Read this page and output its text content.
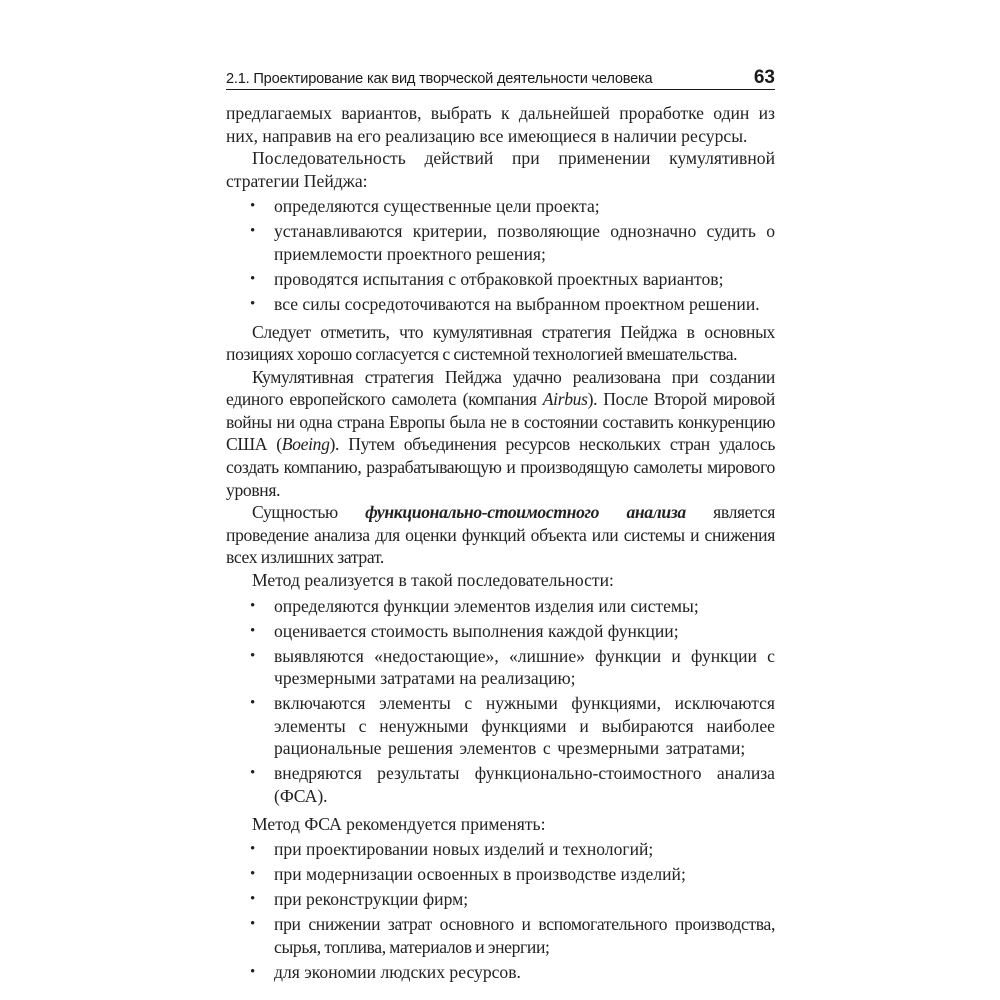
2.1. Проектирование как вид творческой деятельности человека	63

предлагаемых вариантов, выбрать к дальнейшей проработке один из них, направив на его реализацию все имеющиеся в наличии ресурсы.

Последовательность действий при применении кумулятивной стратегии Пейджа:

• определяются существенные цели проекта;
• устанавливаются критерии, позволяющие однозначно судить о приемлемости проектного решения;
• проводятся испытания с отбраковкой проектных вариантов;
• все силы сосредоточиваются на выбранном проектном решении.

Следует отметить, что кумулятивная стратегия Пейджа в основных позициях хорошо согласуется с системной технологией вмешательства.

Кумулятивная стратегия Пейджа удачно реализована при создании единого европейского самолета (компания Airbus). После Второй мировой войны ни одна страна Европы была не в состоянии составить конкуренцию США (Boeing). Путем объединения ресурсов нескольких стран удалось создать компанию, разрабатывающую и производящую самолеты мирового уровня.

Сущностью функционально-стоимостного анализа является проведение анализа для оценки функций объекта или системы и снижения всех излишних затрат.

Метод реализуется в такой последовательности:

• определяются функции элементов изделия или системы;
• оценивается стоимость выполнения каждой функции;
• выявляются «недостающие», «лишние» функции и функции с чрезмерными затратами на реализацию;
• включаются элементы с нужными функциями, исключаются элементы с ненужными функциями и выбираются наиболее рациональные решения элементов с чрезмерными затратами;
• внедряются результаты функционально-стоимостного анализа (ФСА).

Метод ФСА рекомендуется применять:

• при проектировании новых изделий и технологий;
• при модернизации освоенных в производстве изделий;
• при реконструкции фирм;
• при снижении затрат основного и вспомогательного производства, сырья, топлива, материалов и энергии;
• для экономии людских ресурсов.
